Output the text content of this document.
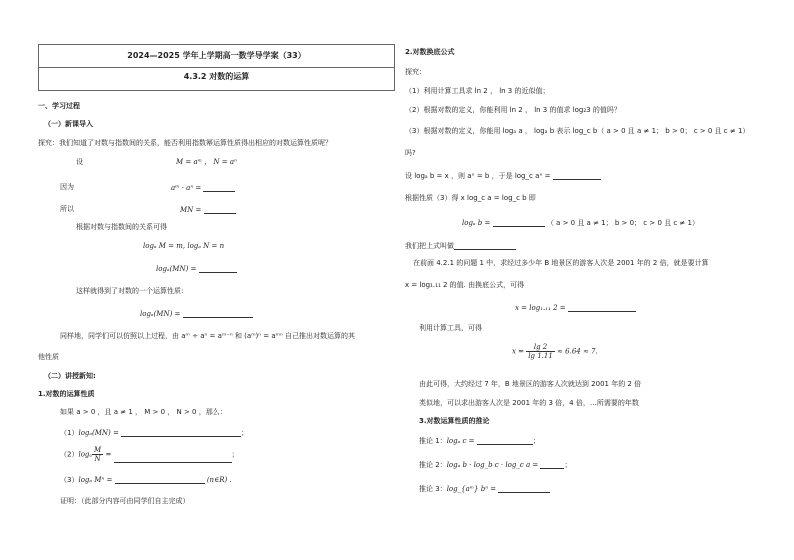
2024—2025 学年上学期高一数学导学案（33）
4.3.2 对数的运算
一、学习过程
（一）新课导入
探究：我们知道了对数与指数间的关系，能否利用指数幂运算性质得出相应的对数运算性质呢？
设	M = aᵐ ， N = aⁿ
因为	aᵐ · aⁿ =
所以	MN =
根据对数与指数间的关系可得
logₐ M = m, logₐ N = n
logₐ(MN) =
这样就得到了对数的一个运算性质:
logₐ(MN) =
同样地，同学们可以仿照以上过程，由 aᵐ ÷ aⁿ = aᵐ⁻ⁿ 和 (aᵐ)ⁿ = aᵐⁿ 自己推出对数运算的其
他性质
（二）讲授新知:
1.对数的运算性质
如果 a > 0 ，且 a ≠ 1 ， M > 0 ， N > 0 ，那么：
（1）logₐ(MN) =	；
$(2)\log_a \frac{M}{N}$ =	；
（3）logₐ Mⁿ =	(n∈R) .
证明：（此部分内容可由同学们自主完成）
2.对数换底公式
探究：
（1）利用计算工具求 ln 2 ， ln 3 的近似值；
（2）根据对数的定义，你能利用 ln 2 ， ln 3 的值求 log₂3 的值吗？
（3）根据对数的定义，你能用 logₐ a ， logₐ b 表示 log_c b（ a > 0 且 a ≠ 1； b > 0； c > 0 且 c ≠ 1）
吗?
设 logₐ b = x ，则 aˣ = b ，于是 log_c aˣ =
根据性质（3）得 x log_c a = log_c b 即
logₐ b =	（ a > 0 且 a ≠ 1； b > 0； c > 0 且 c ≠ 1）
我们把上式叫做
在前面 4.2.1 的问题 1 中，求经过多少年 B 地景区的游客人次是 2001 年的 2 倍，就是要计算
x = log₁.₁₁ 2 的值. 由换底公式，可得
x = log₁.₁₁ 2 =
利用计算工具，可得
$x = \frac{\lg 2}{\lg 1.11} \approx 6.64 \approx 7$.
由此可得，大约经过 7 年，B 地景区的游客人次就达到 2001 年的 2 倍
类似地，可以求出游客人次是 2001 年的 3 倍，4 倍，…所需要的年数
3.对数运算性质的推论
推论 1：logₐ c =	；
推论 2：logₐ b · log_b c · log_c a =	；
推论 3：log_{aᵐ} bⁿ =
